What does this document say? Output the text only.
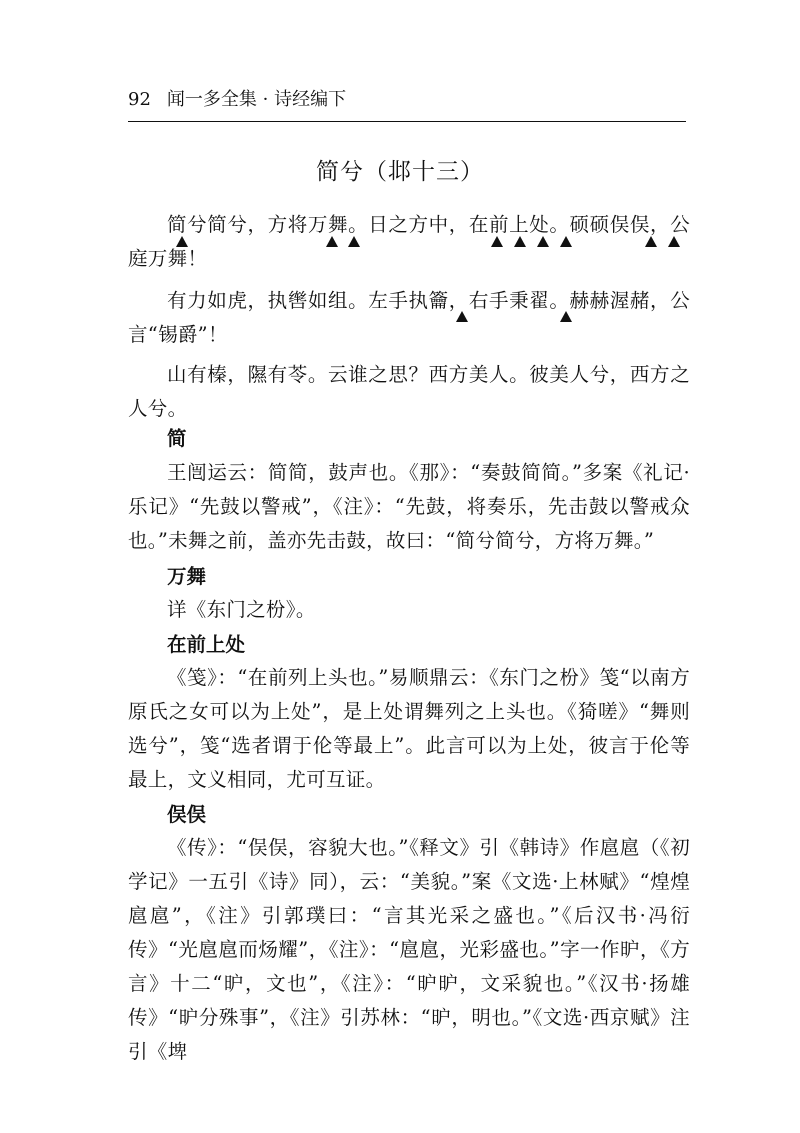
92 闻一多全集 · 诗经编下
简兮（邶十三）

简兮简兮，方将万舞。日之方中，在前上处。硕硕俣俣，公庭万舞！

有力如虎，执辔如组。左手执籥，右手秉翟。赫赫渥赭，公言“锡爵”！

山有榛，隰有苓。云谁之思？西方美人。彼美人兮，西方之人兮。

简

王闿运云：简简，鼓声也。《那》：“奏鼓简简。”多案《礼记·乐记》“先鼓以警戒”，《注》：“先鼓，将奏乐，先击鼓以警戒众也。”未舞之前，盖亦先击鼓，故曰：“简兮简兮，方将万舞。”

万舞

详《东门之枌》。

在前上处

《笺》：“在前列上头也。”易顺鼎云：《东门之枌》笺“以南方原氏之女可以为上处”，是上处谓舞列之上头也。《猗嗟》“舞则选兮”，笺“选者谓于伦等最上”。此言可以为上处，彼言于伦等最上，文义相同，尤可互证。

俣俣

《传》：“俣俣，容貌大也。”《释文》引《韩诗》作扈扈（《初学记》一五引《诗》同），云：“美貌。”案《文选·上林赋》“煌煌扈扈”，《注》引郭璞曰：“言其光采之盛也。”《后汉书·冯衍传》“光扈扈而炀耀”，《注》：“扈扈，光彩盛也。”字一作昈，《方言》十二“昈，文也”，《注》：“昈昈，文采貌也。”《汉书·扬雄传》“昈分殊事”，《注》引苏林：“昈，明也。”《文选·西京赋》注引《埤
